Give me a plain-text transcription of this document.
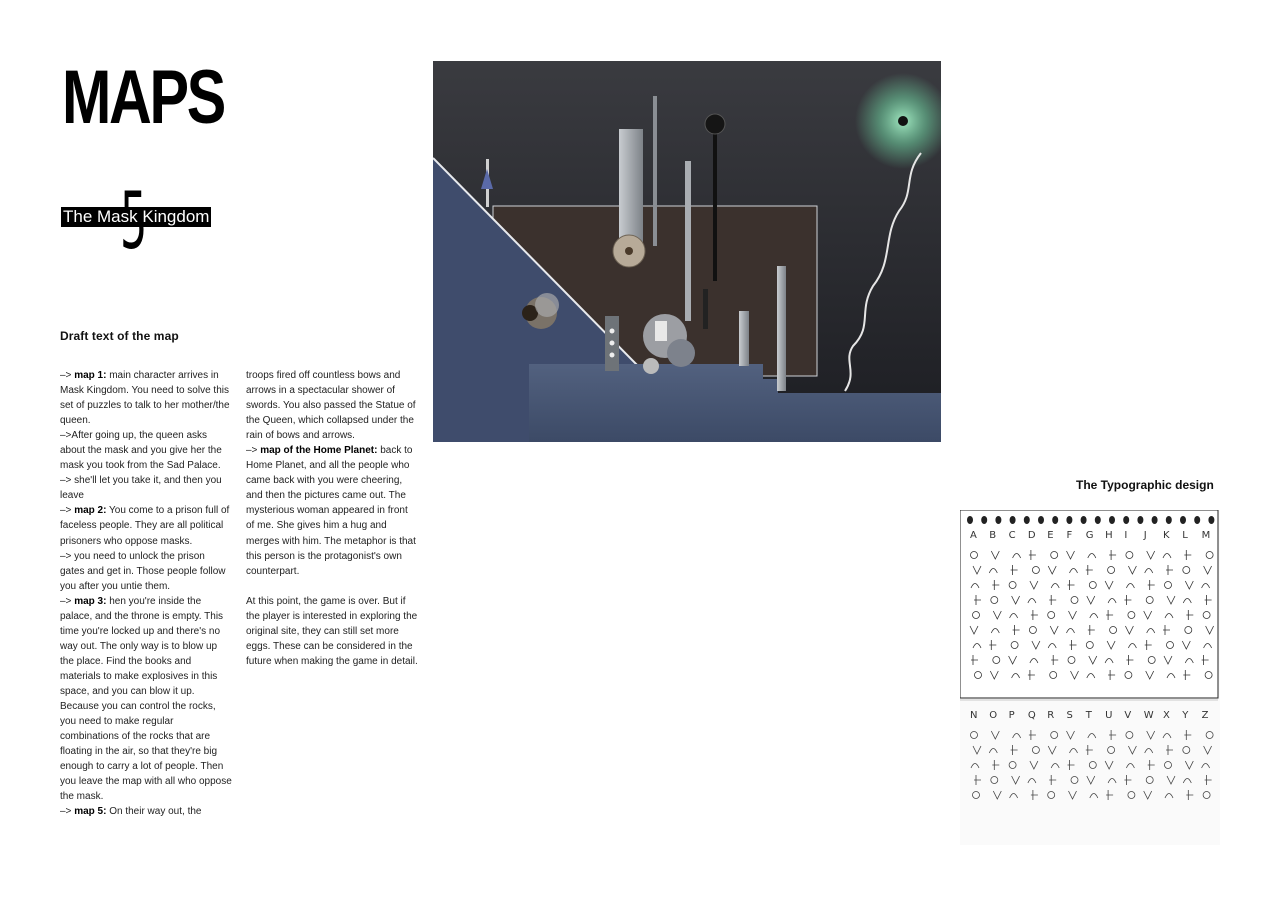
MAPS
The Mask Kingdom
Draft text of the map

–> map 1: main character arrives in Mask Kingdom. You need to solve this set of puzzles to talk to her mother/the queen.

–>After going up, the queen asks about the mask and you give her the mask you took from the Sad Palace.

–> she'll let you take it, and then you leave

–> map 2: You come to a prison full of faceless people. They are all political prisoners who oppose masks.

–> you need to unlock the prison gates and get in. Those people follow you after you untie them.

–> map 3: hen you're inside the palace, and the throne is empty. This time you're locked up and there's no way out. The only way is to blow up the place. Find the books and materials to make explosives in this space, and you can blow it up. Because you can control the rocks, you need to make regular combinations of the rocks that are floating in the air, so that they're big enough to carry a lot of people. Then you leave the map with all who oppose the mask.

–> map 5: On their way out, the

troops fired off countless bows and arrows in a spectacular shower of swords. You also passed the Statue of the Queen, which collapsed under the rain of bows and arrows.

–> map of the Home Planet: back to Home Planet, and all the people who came back with you were cheering, and then the pictures came out. The mysterious woman appeared in front of me. She gives him a hug and merges with him. The metaphor is that this person is the protagonist's own counterpart.

At this point, the game is over. But if the player is interested in exploring the original site, they can still set more eggs. These can be considered in the future when making the game in detail.

The Typographic design
A B C D E F G H I J K L M
N O P Q R S T U V W X Y Z
